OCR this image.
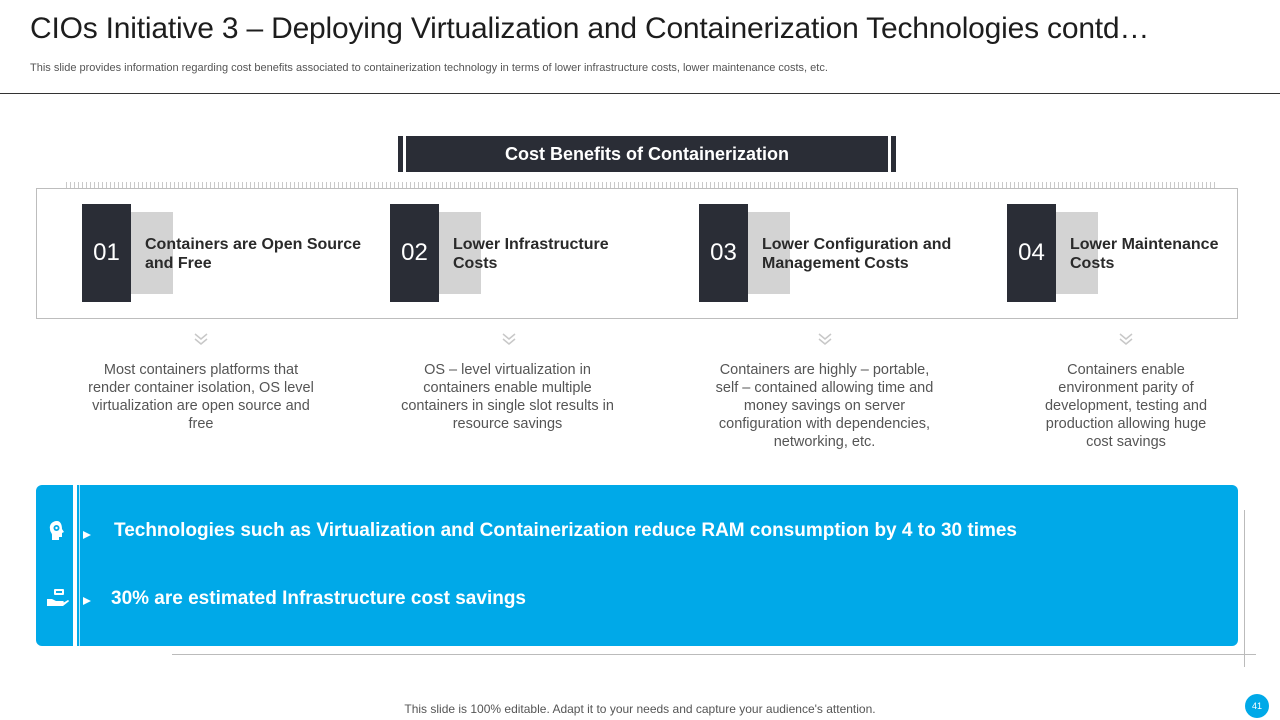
CIOs Initiative 3 – Deploying Virtualization and Containerization Technologies contd…
This slide provides information regarding cost benefits associated to containerization technology in terms of lower infrastructure costs, lower maintenance costs, etc.
Cost Benefits of Containerization
01	Containers are Open Source and Free	02	Lower Infrastructure Costs	03	Lower Configuration and Management Costs	04	Lower Maintenance Costs
Most containers platforms that render container isolation, OS level virtualization are open source and free
OS – level virtualization in containers enable multiple containers in single slot results in resource savings
Containers are highly – portable, self – contained allowing time and money savings on server configuration with dependencies, networking, etc.
Containers enable environment parity of development, testing and production allowing huge cost savings
Technologies such as Virtualization and Containerization reduce RAM consumption by 4 to 30 times
30% are estimated Infrastructure cost savings
This slide is 100% editable. Adapt it to your needs and capture your audience's attention.	41
